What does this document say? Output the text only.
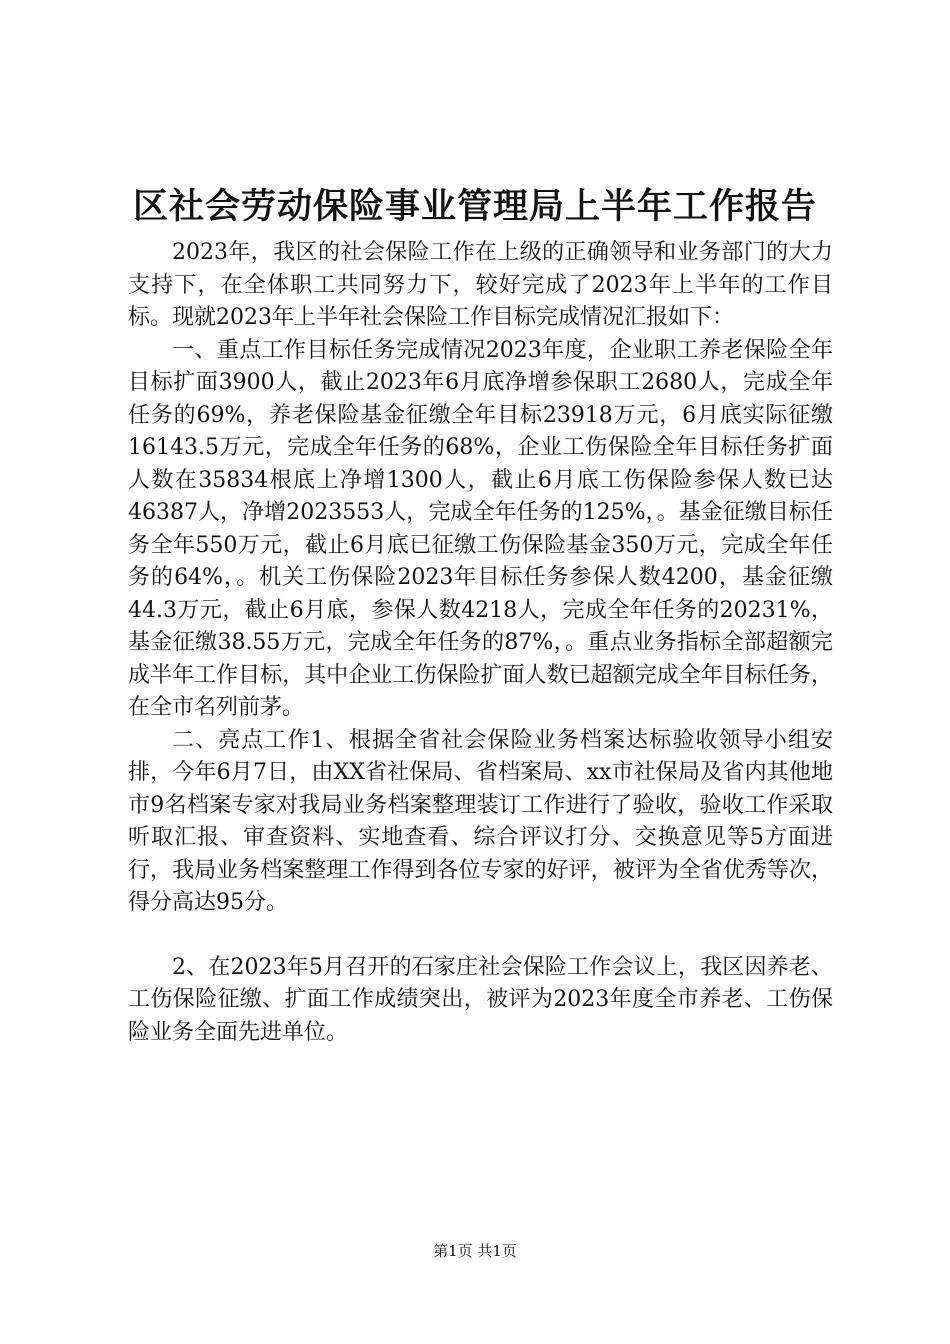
区社会劳动保险事业管理局上半年工作报告

2023年，我区的社会保险工作在上级的正确领导和业务部门的大力支持下，在全体职工共同努力下，较好完成了2023年上半年的工作目标。现就2023年上半年社会保险工作目标完成情况汇报如下：

一、重点工作目标任务完成情况2023年度，企业职工养老保险全年目标扩面3900人，截止2023年6月底净增参保职工2680人，完成全年任务的69%，养老保险基金征缴全年目标23918万元，6月底实际征缴16143.5万元，完成全年任务的68%，企业工伤保险全年目标任务扩面人数在35834根底上净增1300人，截止6月底工伤保险参保人数已达46387人，净增2023553人，完成全年任务的125%，。基金征缴目标任务全年550万元，截止6月底已征缴工伤保险基金350万元，完成全年任务的64%，。机关工伤保险2023年目标任务参保人数4200，基金征缴44.3万元，截止6月底，参保人数4218人，完成全年任务的20231%，基金征缴38.55万元，完成全年任务的87%，。重点业务指标全部超额完成半年工作目标，其中企业工伤保险扩面人数已超额完成全年目标任务，在全市名列前茅。

二、亮点工作1、根据全省社会保险业务档案达标验收领导小组安排，今年6月7日，由XX省社保局、省档案局、xx市社保局及省内其他地市9名档案专家对我局业务档案整理装订工作进行了验收，验收工作采取听取汇报、审查资料、实地查看、综合评议打分、交换意见等5方面进行，我局业务档案整理工作得到各位专家的好评，被评为全省优秀等次，得分高达95分。

2、在2023年5月召开的石家庄社会保险工作会议上，我区因养老、工伤保险征缴、扩面工作成绩突出，被评为2023年度全市养老、工伤保险业务全面先进单位。

第1页 共1页
